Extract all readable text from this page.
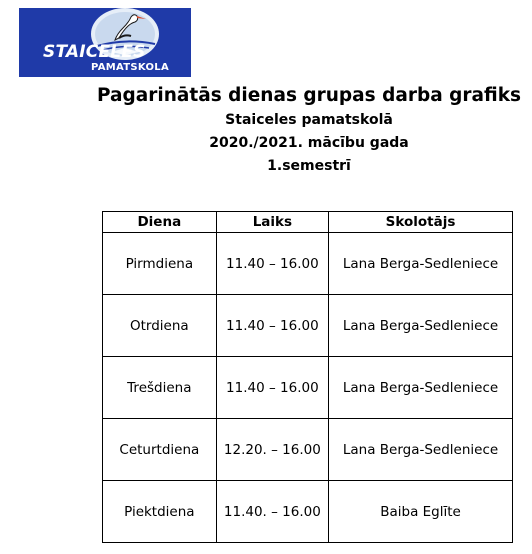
STAICELES
PAMATSKOLA
Pagarinātās dienas grupas darba grafiks
Staiceles pamatskolā
2020./2021. mācību gada
1.semestrī
Diena	Laiks	Skolotājs
Pirmdiena	11.40 – 16.00	Lana Berga-Sedleniece
Otrdiena	11.40 – 16.00	Lana Berga-Sedleniece
Trešdiena	11.40 – 16.00	Lana Berga-Sedleniece
Ceturtdiena	12.20. – 16.00	Lana Berga-Sedleniece
Piektdiena	11.40. – 16.00	Baiba Eglīte
